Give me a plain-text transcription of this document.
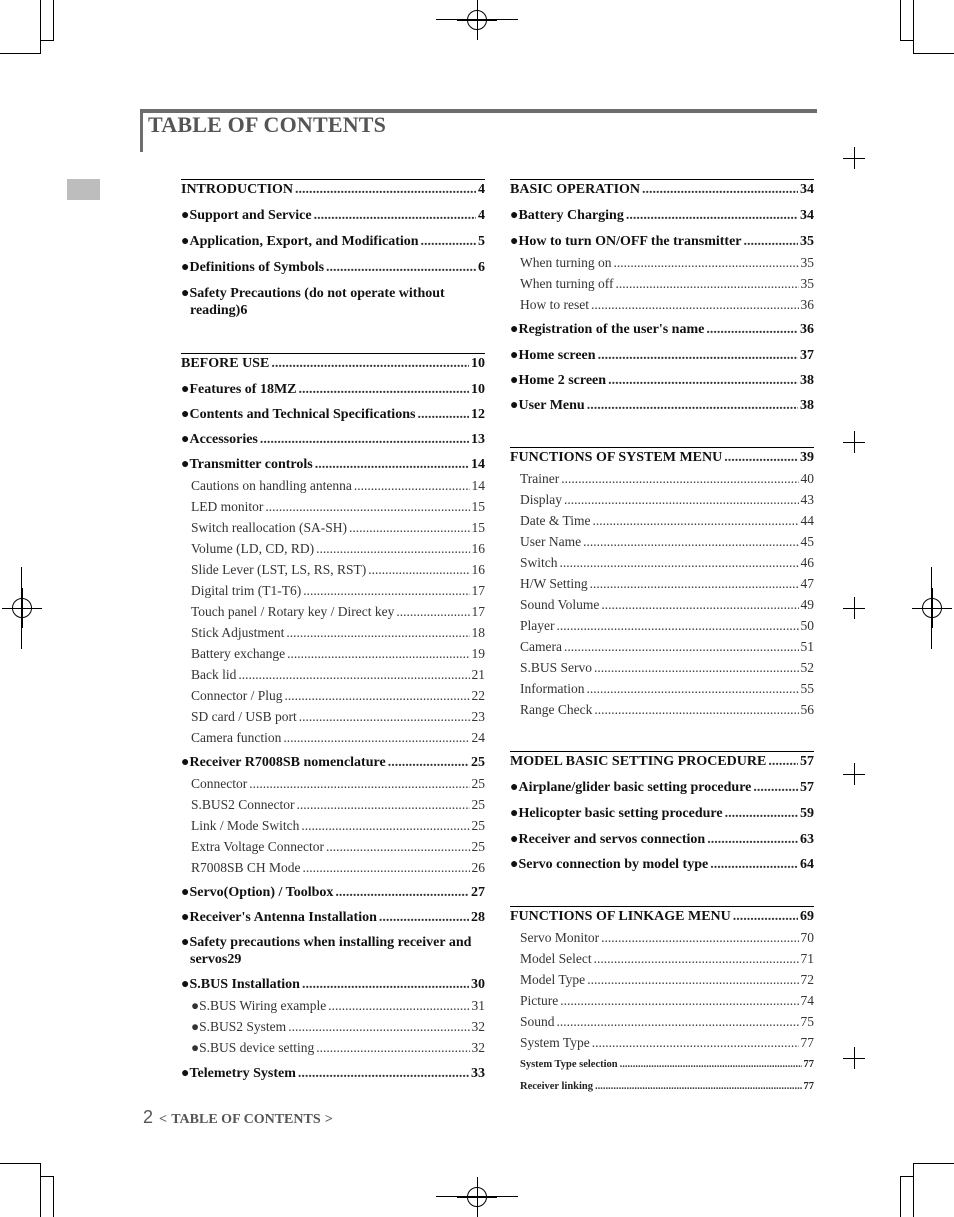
TABLE OF CONTENTS
INTRODUCTION .....	4
●Support and Service .....	4
●Application, Export, and Modification .....	5
●Definitions of Symbols .....	6
●Safety Precautions (do not operate without
reading) 6
BEFORE USE .....	10
●Features of 18MZ .....	10
●Contents and Technical Specifications .....	12
●Accessories .....	13
●Transmitter controls .....	14
Cautions on handling antenna .....	14
LED monitor .....	15
Switch reallocation (SA-SH) .....	15
Volume (LD, CD, RD) .....	16
Slide Lever (LST, LS, RS, RST) .....	16
Digital trim (T1-T6) .....	17
Touch panel / Rotary key / Direct key .....	17
Stick Adjustment .....	18
Battery exchange .....	19
Back lid .....	21
Connector / Plug .....	22
SD card / USB port .....	23
Camera function .....	24
●Receiver R7008SB nomenclature .....	25
Connector .....	25
S.BUS2 Connector .....	25
Link / Mode Switch .....	25
Extra Voltage Connector .....	25
R7008SB CH Mode .....	26
●Servo(Option) / Toolbox .....	27
●Receiver's Antenna Installation .....	28
●Safety precautions when installing receiver and
servos 29
●S.BUS Installation .....	30
●S.BUS Wiring example .....	31
●S.BUS2 System .....	32
●S.BUS device setting .....	32
●Telemetry System .....	33
BASIC OPERATION .....	34
●Battery Charging .....	34
●How to turn ON/OFF the transmitter .....	35
When turning on .....	35
When turning off .....	35
How to reset .....	36
●Registration of the user's name .....	36
●Home screen .....	37
●Home 2 screen .....	38
●User Menu .....	38
FUNCTIONS OF SYSTEM MENU .....	39
Trainer .....	40
Display .....	43
Date & Time .....	44
User Name .....	45
Switch .....	46
H/W Setting .....	47
Sound Volume .....	49
Player .....	50
Camera .....	51
S.BUS Servo .....	52
Information .....	55
Range Check .....	56
MODEL BASIC SETTING PROCEDURE ..... 57
●Airplane/glider basic setting procedure .....	57
●Helicopter basic setting procedure .....	59
●Receiver and servos connection .....	63
●Servo connection by model type .....	64
FUNCTIONS OF LINKAGE MENU .....	69
Servo Monitor .....	70
Model Select .....	71
Model Type .....	72
Picture .....	74
Sound .....	75
System Type .....	77
System Type selection .....	77
Receiver linking .....	77
2 < TABLE OF CONTENTS >
